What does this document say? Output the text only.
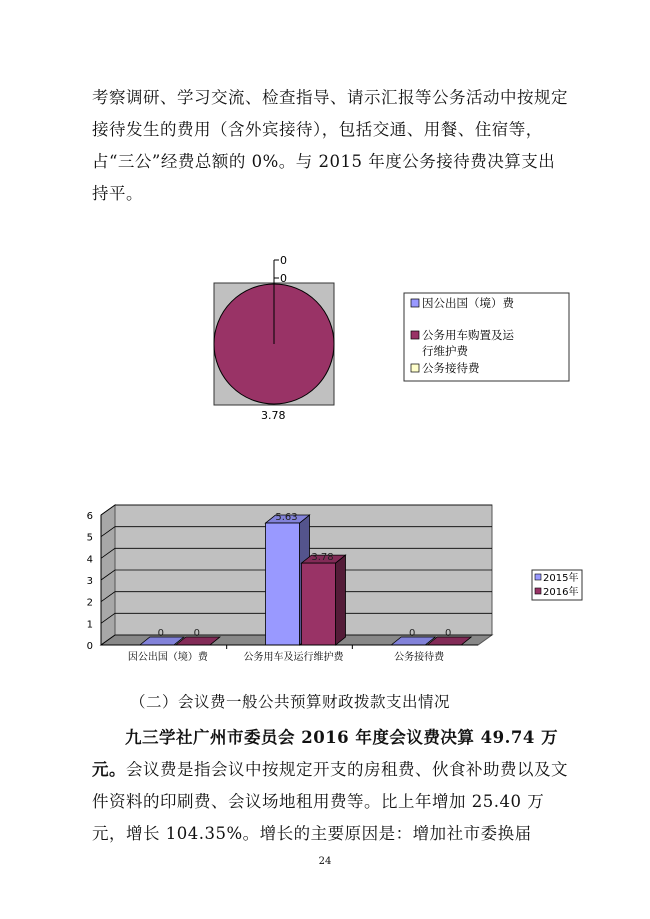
考察调研、学习交流、检查指导、请示汇报等公务活动中按规定接待发生的费用（含外宾接待），包括交通、用餐、住宿等，占“三公”经费总额的 0%。与 2015 年度公务接待费决算支出持平。

0
0
3.78
因公出国（境）费
公务用车购置及运
行维护费
公务接待费
0	0
5.63
3.78
0	0
0
1
2
3
4
5
6
因公出国（境）费	公务用车及运行维护费	公务接待费
2015年
2016年
（二）会议费一般公共预算财政拨款支出情况

九三学社广州市委员会 2016 年度会议费决算 49.74 万元。会议费是指会议中按规定开支的房租费、伙食补助费以及文件资料的印刷费、会议场地租用费等。比上年增加 25.40 万元，增长 104.35%。增长的主要原因是：增加社市委换届

24
